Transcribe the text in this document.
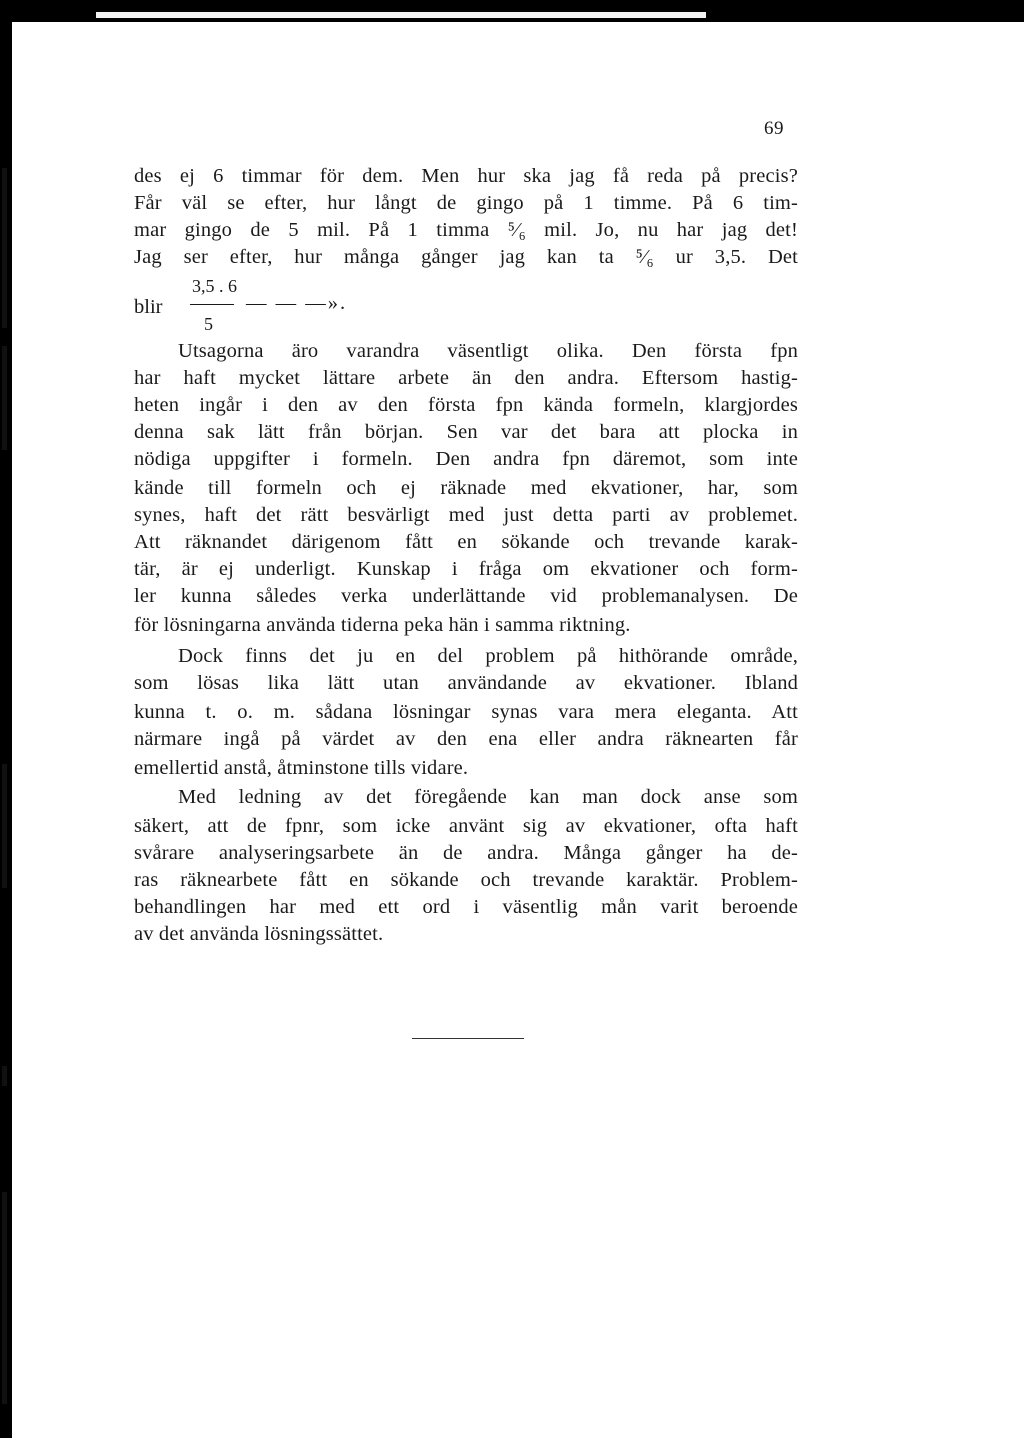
69

des ej 6 timmar för dem. Men hur ska jag få reda på precis?

Får väl se efter, hur långt de gingo på 1 timme. På 6 tim-

mar gingo de 5 mil. På 1 timma ⁵⁄₆ mil. Jo, nu har jag det!

Jag ser efter, hur många gånger jag kan ta ⁵⁄₆ ur 3,5. Det

blir
3,5 . 6
— — —».
5

Utsagorna äro varandra väsentligt olika. Den första fpn

har haft mycket lättare arbete än den andra. Eftersom hastig-

heten ingår i den av den första fpn kända formeln, klargjordes

denna sak lätt från början. Sen var det bara att plocka in

nödiga uppgifter i formeln. Den andra fpn däremot, som inte

kände till formeln och ej räknade med ekvationer, har, som

synes, haft det rätt besvärligt med just detta parti av problemet.

Att räknandet därigenom fått en sökande och trevande karak-

tär, är ej underligt. Kunskap i fråga om ekvationer och form-

ler kunna således verka underlättande vid problemanalysen. De

för lösningarna använda tiderna peka hän i samma riktning.

Dock finns det ju en del problem på hithörande område,

som lösas lika lätt utan användande av ekvationer. Ibland

kunna t. o. m. sådana lösningar synas vara mera eleganta. Att

närmare ingå på värdet av den ena eller andra räknearten får

emellertid anstå, åtminstone tills vidare.

Med ledning av det föregående kan man dock anse som

säkert, att de fpnr, som icke använt sig av ekvationer, ofta haft

svårare analyseringsarbete än de andra. Många gånger ha de-

ras räknearbete fått en sökande och trevande karaktär. Problem-

behandlingen har med ett ord i väsentlig mån varit beroende

av det använda lösningssättet.
